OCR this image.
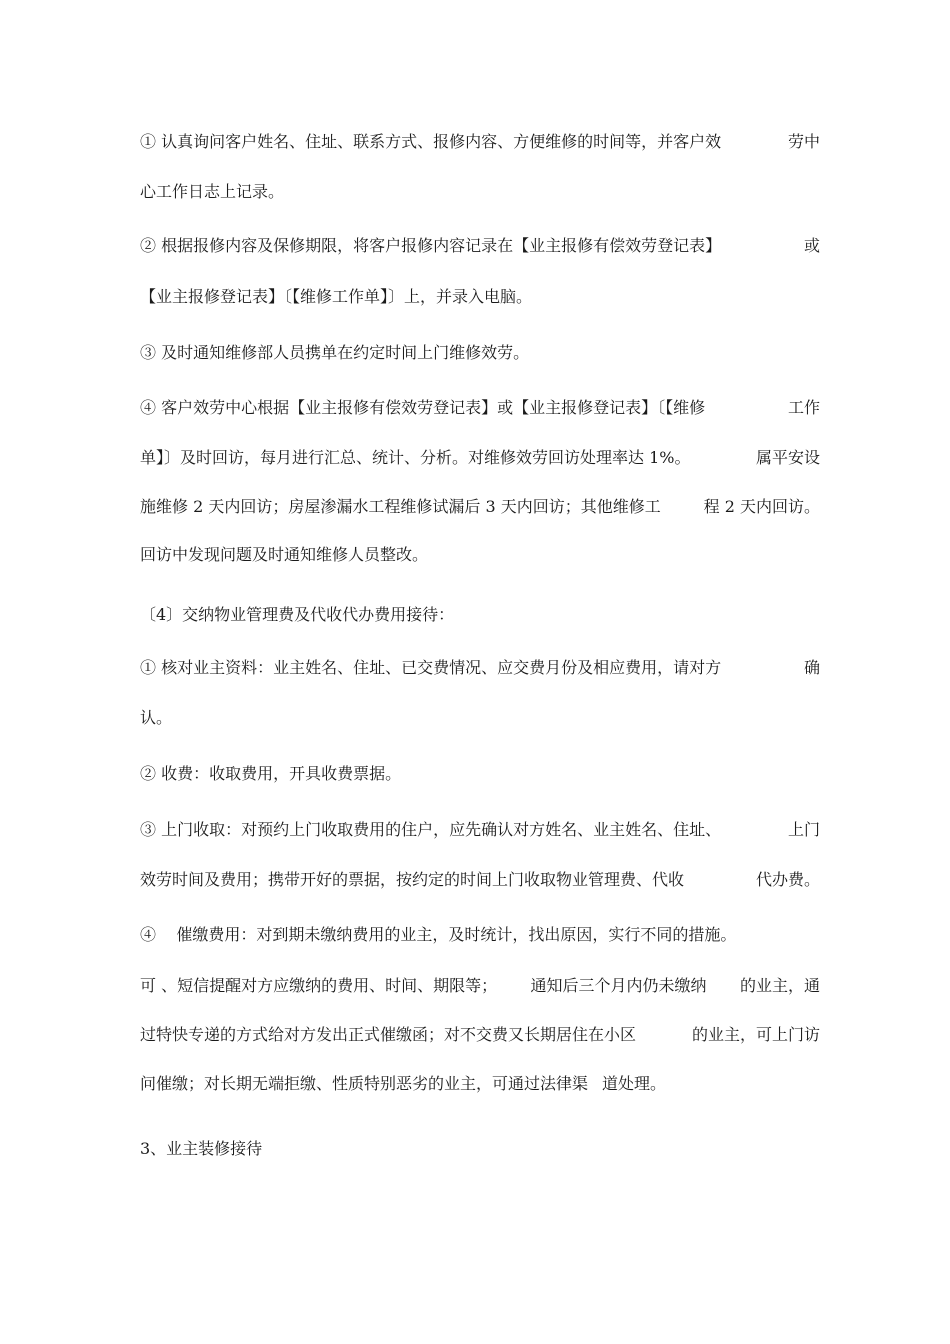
① 认真询问客户姓名、住址、联系方式、报修内容、方便维修的时间等，并客户效	劳中
心工作日志上记录。
② 根据报修内容及保修期限，将客户报修内容记录在【业主报修有偿效劳登记表】	或
【业主报修登记表】〔【维修工作单】〕上，并录入电脑。
③ 及时通知维修部人员携单在约定时间上门维修效劳。
④ 客户效劳中心根据【业主报修有偿效劳登记表】或【业主报修登记表】〔【维修	工作
单】〕及时回访，每月进行汇总、统计、分析。对维修效劳回访处理率达 1%。	属平安设
施维修 2 天内回访；房屋渗漏水工程维修试漏后 3 天内回访；其他维修工	程 2 天内回访。
回访中发现问题及时通知维修人员整改。
〔4〕交纳物业管理费及代收代办费用接待：
① 核对业主资料：业主姓名、住址、已交费情况、应交费月份及相应费用，请对方	确
认。
② 收费：收取费用，开具收费票据。
③ 上门收取：对预约上门收取费用的住户，应先确认对方姓名、业主姓名、住址、	上门
效劳时间及费用；携带开好的票据，按约定的时间上门收取物业管理费、代收	代办费。
④    催缴费用：对到期未缴纳费用的业主，及时统计，找出原因，实行不同的措施。
可 、短信提醒对方应缴纳的费用、时间、期限等； 通知后三个月内仍未缴纳 的业主，通
过特快专递的方式给对方发出正式催缴函；对不交费又长期居住在小区	的业主，可上门访
问催缴；对长期无端拒缴、性质特别恶劣的业主，可通过法律渠 道处理。
3、业主装修接待
